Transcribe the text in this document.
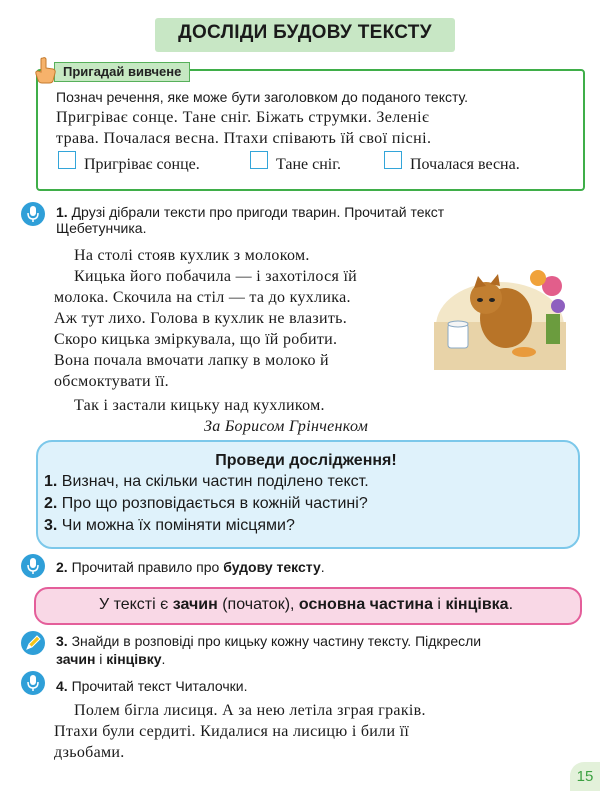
ДОСЛІДИ БУДОВУ ТЕКСТУ
Пригадай вивчене
Познач речення, яке може бути заголовком до поданого тексту.
Пригріває сонце. Тане сніг. Біжать струмки. Зеленіє
трава. Почалася весна. Птахи співають їй свої пісні.
Пригріває сонце.	Тане сніг.	Почалася весна.
1. Друзі дібрали тексти про пригоди тварин. Прочитай текст
Щебетунчика.
На столі стояв кухлик з молоком.
Кицька його побачила — і захотілося їй
молока. Скочила на стіл — та до кухлика.
Аж тут лихо. Голова в кухлик не влазить.
Скоро кицька зміркувала, що їй робити.
Вона почала вмочати лапку в молоко й
обсмоктувати її.
Так і застали кицьку над кухликом.
За Борисом Грінченком
Проведи дослідження!
1. Визнач, на скільки частин поділено текст.
2. Про що розповідається в кожній частині?
3. Чи можна їх поміняти місцями?
2. Прочитай правило про будову тексту.
У тексті є зачин (початок), основна частина і кінцівка.
3. Знайди в розповіді про кицьку кожну частину тексту. Підкресли
зачин і кінцівку.
4. Прочитай текст Читалочки.
Полем бігла лисиця. А за нею летіла зграя граків.
Птахи були сердиті. Кидалися на лисицю і били її
дзьобами.
15
